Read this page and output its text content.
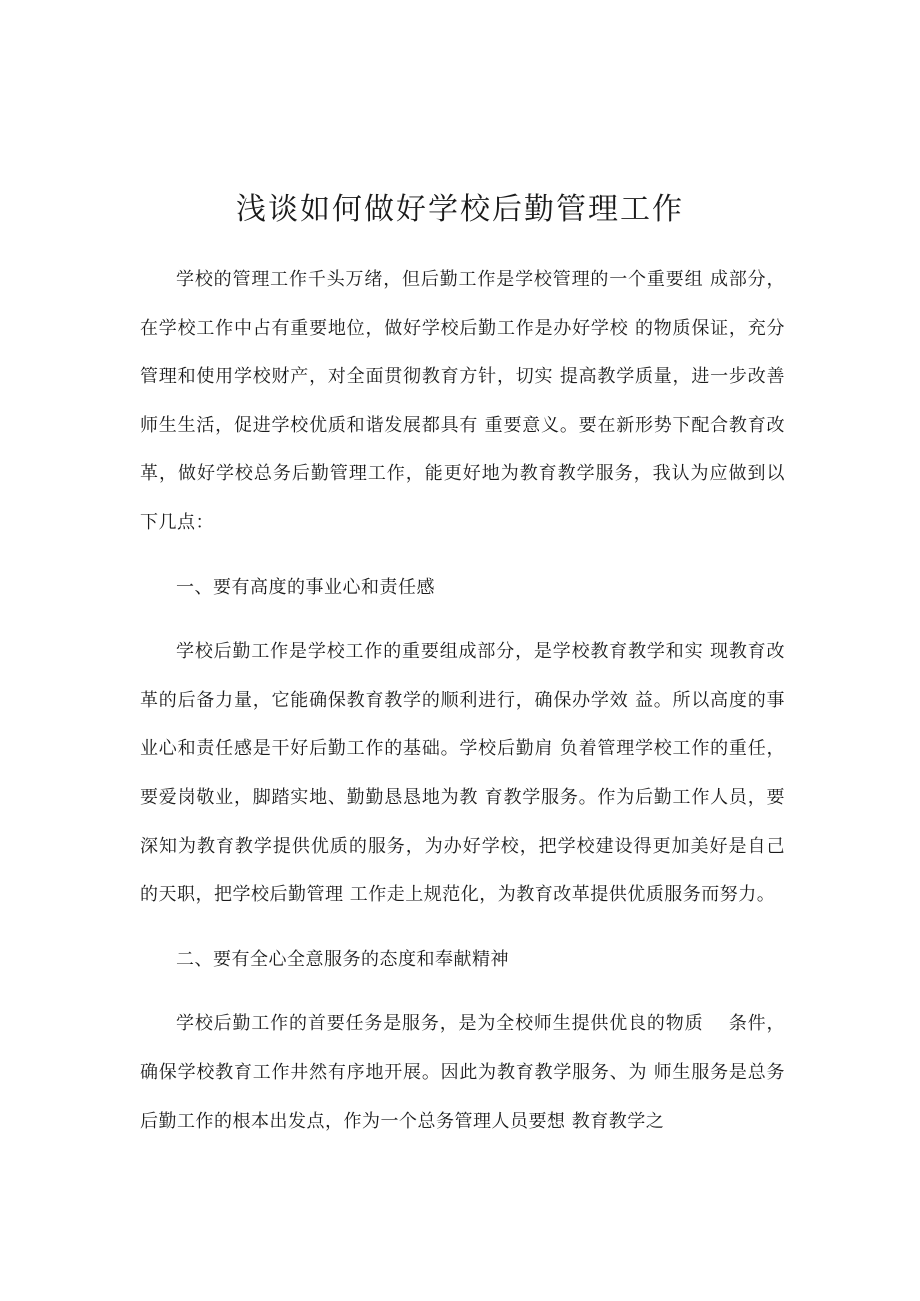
浅谈如何做好学校后勤管理工作

学校的管理工作千头万绪，但后勤工作是学校管理的一个重要组 成部分，在学校工作中占有重要地位，做好学校后勤工作是办好学校 的物质保证，充分管理和使用学校财产，对全面贯彻教育方针，切实 提高教学质量，进一步改善师生生活，促进学校优质和谐发展都具有 重要意义。要在新形势下配合教育改革，做好学校总务后勤管理工作，能更好地为教育教学服务，我认为应做到以下几点：

一、要有高度的事业心和责任感

学校后勤工作是学校工作的重要组成部分，是学校教育教学和实 现教育改革的后备力量，它能确保教育教学的顺利进行，确保办学效 益。所以高度的事业心和责任感是干好后勤工作的基础。学校后勤肩 负着管理学校工作的重任，要爱岗敬业，脚踏实地、勤勤恳恳地为教 育教学服务。作为后勤工作人员，要深知为教育教学提供优质的服务，为办好学校，把学校建设得更加美好是自己的天职，把学校后勤管理 工作走上规范化，为教育改革提供优质服务而努力。

二、要有全心全意服务的态度和奉献精神

学校后勤工作的首要任务是服务，是为全校师生提供优良的物质　 条件，确保学校教育工作井然有序地开展。因此为教育教学服务、为 师生服务是总务后勤工作的根本出发点，作为一个总务管理人员要想 教育教学之
